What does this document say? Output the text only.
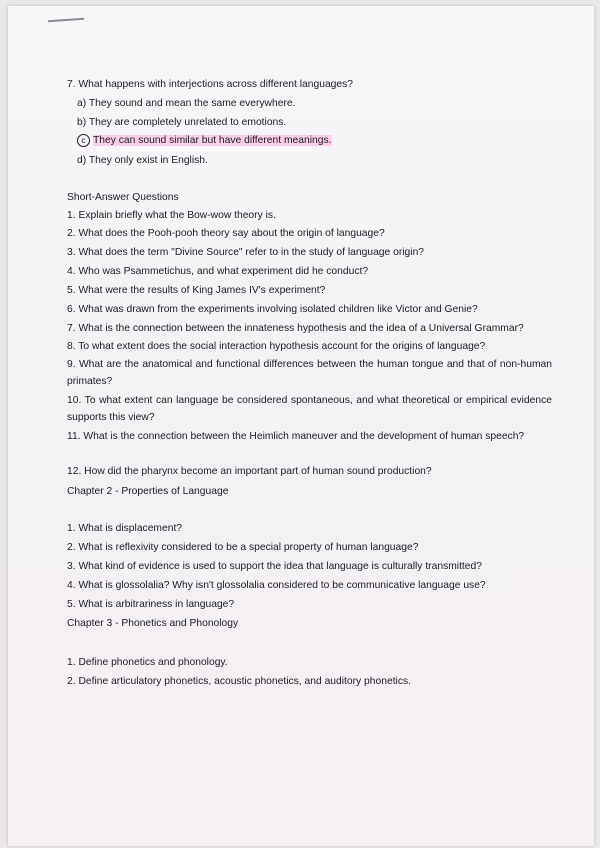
7. What happens with interjections across different languages?
a) They sound and mean the same everywhere.
b) They are completely unrelated to emotions.
c They can sound similar but have different meanings.
d) They only exist in English.
Short-Answer Questions
1. Explain briefly what the Bow-wow theory is.
2. What does the Pooh-pooh theory say about the origin of language?
3. What does the term "Divine Source" refer to in the study of language origin?
4. Who was Psammetichus, and what experiment did he conduct?
5. What were the results of King James IV's experiment?
6. What was drawn from the experiments involving isolated children like Victor and Genie?
7. What is the connection between the innateness hypothesis and the idea of a Universal Grammar?
8. To what extent does the social interaction hypothesis account for the origins of language?
9. What are the anatomical and functional differences between the human tongue and that of non-human primates?
10. To what extent can language be considered spontaneous, and what theoretical or empirical evidence supports this view?
11. What is the connection between the Heimlich maneuver and the development of human speech?
12. How did the pharynx become an important part of human sound production?
Chapter 2 - Properties of Language
1. What is displacement?
2. What is reflexivity considered to be a special property of human language?
3. What kind of evidence is used to support the idea that language is culturally transmitted?
4. What is glossolalia? Why isn't glossolalia considered to be communicative language use?
5. What is arbitrariness in language?
Chapter 3 - Phonetics and Phonology
1. Define phonetics and phonology.
2. Define articulatory phonetics, acoustic phonetics, and auditory phonetics.
